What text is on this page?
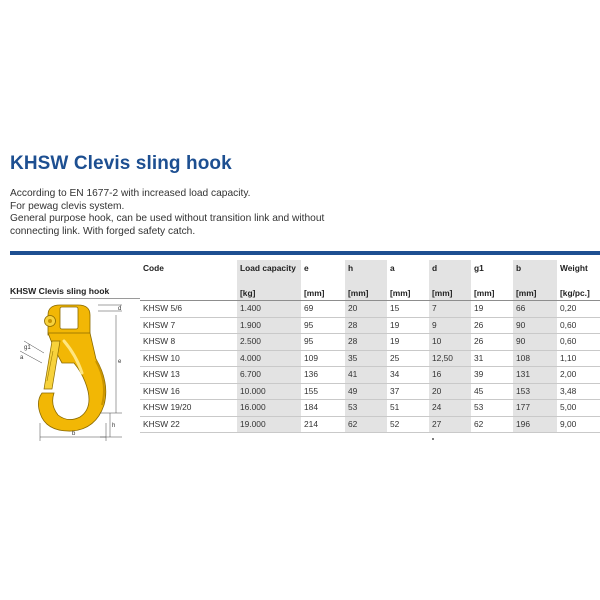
KHSW Clevis sling hook
According to EN 1677-2 with increased load capacity.
For pewag clevis system.
General purpose hook, can be used without transition link and without
connecting link. With forged safety catch.
KHSW Clevis sling hook
d
g1
e
a
h
b
Code	Load capacity	e	h	a	d	g1	b	Weight
	[kg]	[mm]	[mm]	[mm]	[mm]	[mm]	[mm]	[kg/pc.]
KHSW 5/6	1.400	69	20	15	7	19	66	0,20
KHSW 7	1.900	95	28	19	9	26	90	0,60
KHSW 8	2.500	95	28	19	10	26	90	0,60
KHSW 10	4.000	109	35	25	12,50	31	108	1,10
KHSW 13	6.700	136	41	34	16	39	131	2,00
KHSW 16	10.000	155	49	37	20	45	153	3,48
KHSW 19/20	16.000	184	53	51	24	53	177	5,00
KHSW 22	19.000	214	62	52	27	62	196	9,00
